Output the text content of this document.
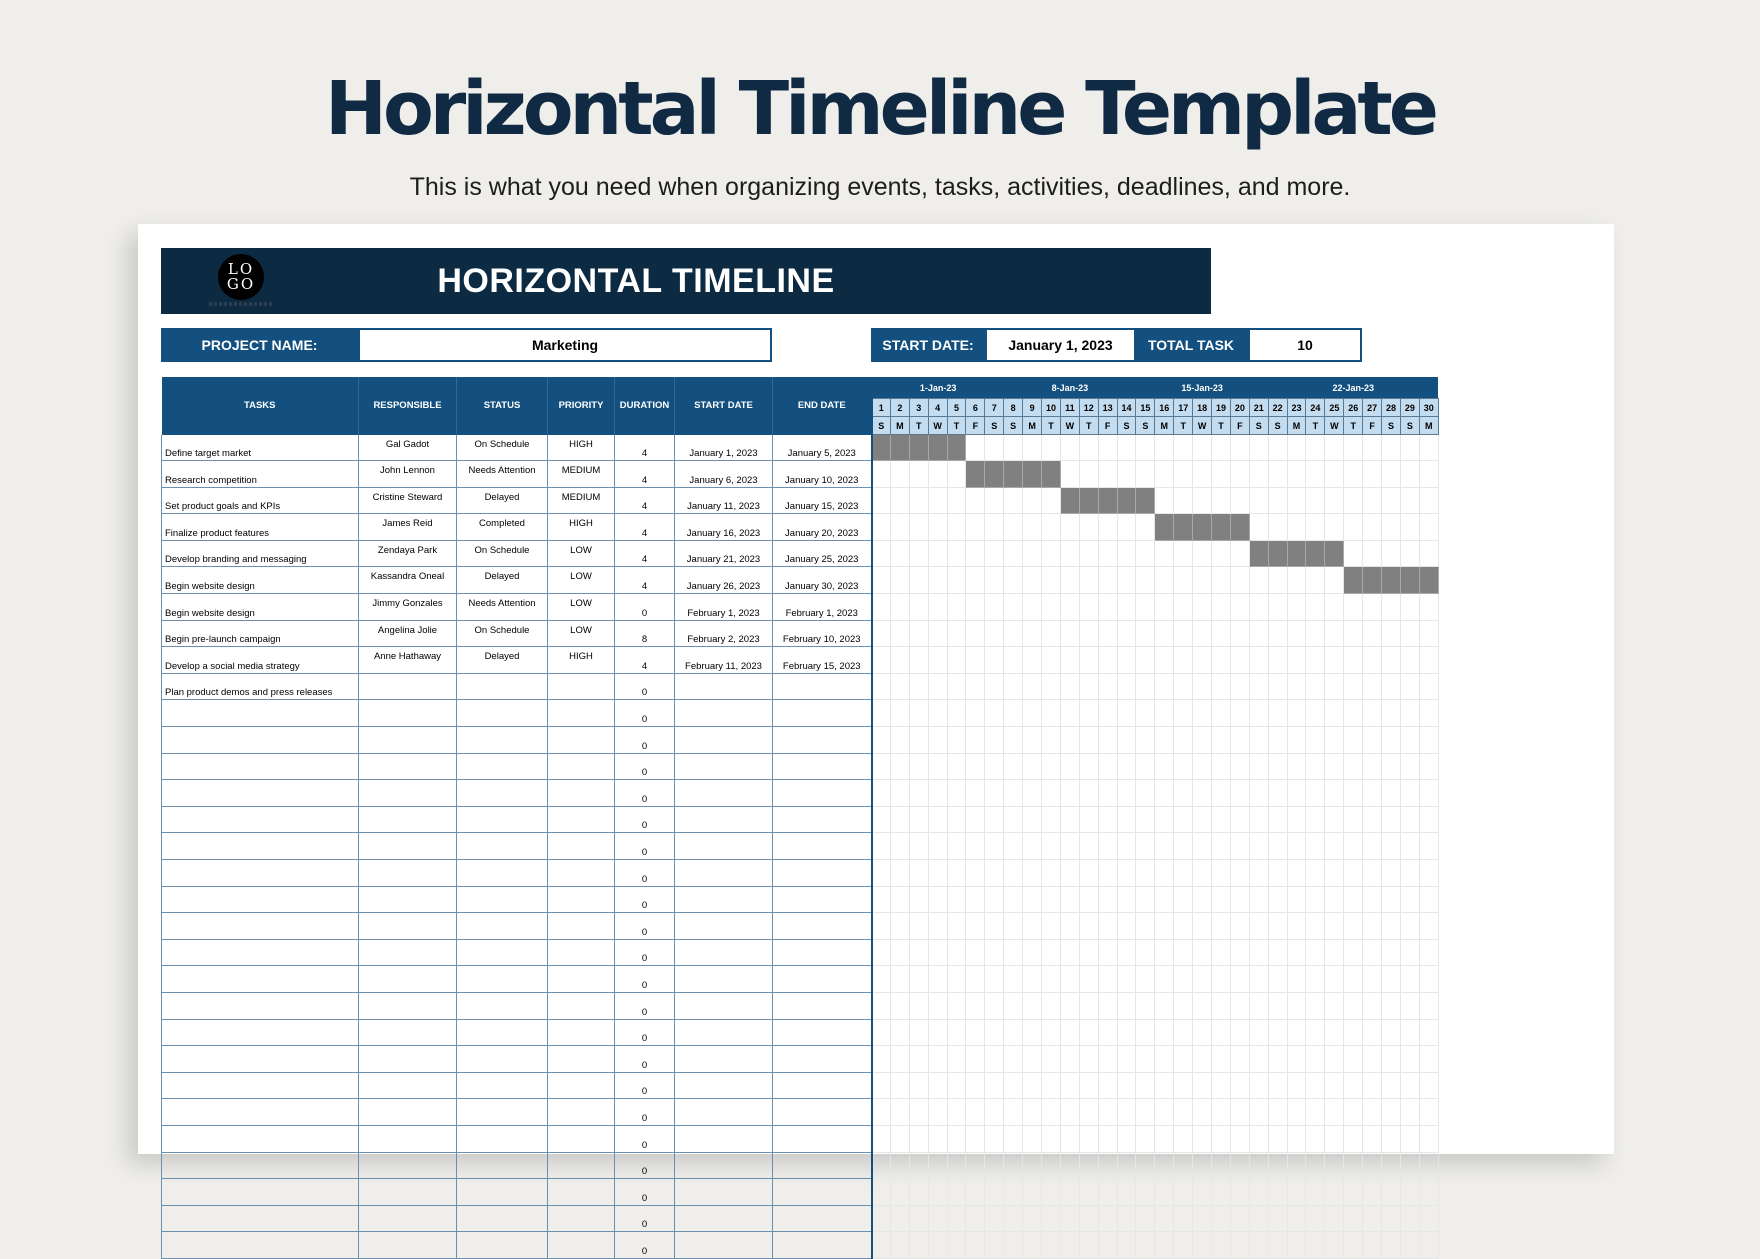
Horizontal Timeline Template
This is what you need when organizing events, tasks, activities, deadlines, and more.
LO
GO	HORIZONTAL TIMELINE
PROJECT NAME:	Marketing	START DATE:	January 1, 2023	TOTAL TASK	10
TASKS	RESPONSIBLE	STATUS	PRIORITY	DURATION	START DATE	END DATE	1-Jan-23							8-Jan-23							15-Jan-23							22-Jan-23								
							1	2	3	4	5	6	7	8	9	10	11	12	13	14	15	16	17	18	19	20	21	22	23	24	25	26	27	28	29	30
							S	M	T	W	T	F	S	S	M	T	W	T	F	S	S	M	T	W	T	F	S	S	M	T	W	T	F	S	S	M
Define target market	Gal Gadot	On Schedule	HIGH	4	January 1, 2023	January 5, 2023																														
Research competition	John Lennon	Needs Attention	MEDIUM	4	January 6, 2023	January 10, 2023																														
Set product goals and KPIs	Cristine Steward	Delayed	MEDIUM	4	January 11, 2023	January 15, 2023																														
Finalize product features	James Reid	Completed	HIGH	4	January 16, 2023	January 20, 2023																														
Develop branding and messaging	Zendaya Park	On Schedule	LOW	4	January 21, 2023	January 25, 2023																														
Begin website design	Kassandra Oneal	Delayed	LOW	4	January 26, 2023	January 30, 2023																														
Begin website design	Jimmy Gonzales	Needs Attention	LOW	0	February 1, 2023	February 1, 2023																														
Begin pre-launch campaign	Angelina Jolie	On Schedule	LOW	8	February 2, 2023	February 10, 2023																														
Develop a social media strategy	Anne Hathaway	Delayed	HIGH	4	February 11, 2023	February 15, 2023																														
Plan product demos and press releases				0																																
				0																																
				0																																
				0																																
				0																																
				0																																
				0																																
				0																																
				0																																
				0																																
				0																																
				0																																
				0																																
				0																																
				0																																
				0																																
				0																																
				0																																
				0																																
				0																																
				0																																
				0																																
